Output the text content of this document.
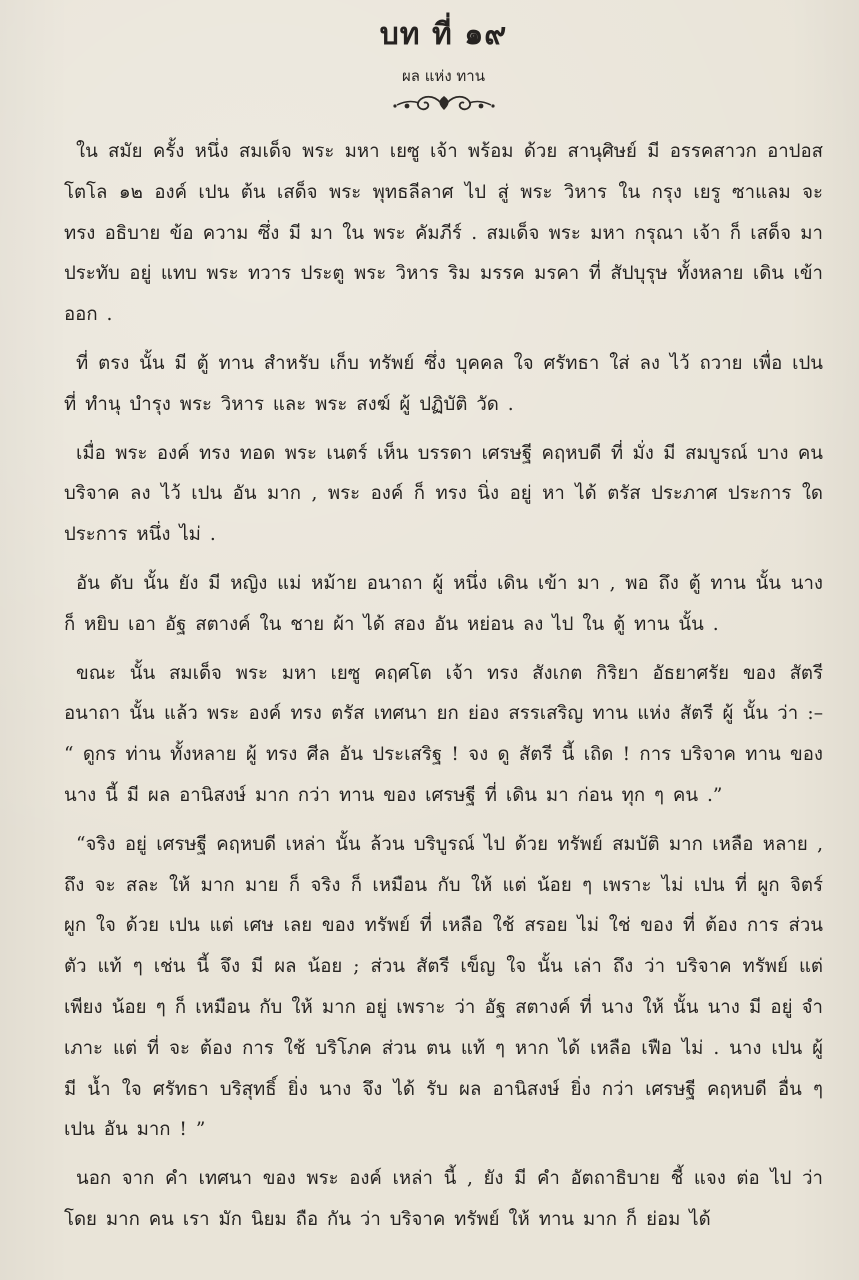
บท ที่ ๑๙
ผล แห่ง ทาน

ใน สมัย ครั้ง หนึ่ง สมเด็จ พระ มหา เยซู เจ้า พร้อม ด้วย สานุศิษย์ มี อรรคสาวก อาปอสโตโล ๑๒ องค์ เปน ต้น เสด็จ พระ พุทธลีลาศ ไป สู่ พระ วิหาร ใน กรุง เยรู ซาแลม จะ ทรง อธิบาย ข้อ ความ ซึ่ง มี มา ใน พระ คัมภีร์ . สมเด็จ พระ มหา กรุณา เจ้า ก็ เสด็จ มา ประทับ อยู่ แทบ พระ ทวาร ประตู พระ วิหาร ริม มรรค มรคา ที่ สัปบุรุษ ทั้งหลาย เดิน เข้า ออก .

ที่ ตรง นั้น มี ตู้ ทาน สำหรับ เก็บ ทรัพย์ ซึ่ง บุคคล ใจ ศรัทธา ใส่ ลง ไว้ ถวาย เพื่อ เปน ที่ ทำนุ บำรุง พระ วิหาร และ พระ สงฆ์ ผู้ ปฏิบัติ วัด .

เมื่อ พระ องค์ ทรง ทอด พระ เนตร์ เห็น บรรดา เศรษฐี คฤหบดี ที่ มั่ง มี สมบูรณ์ บาง คน บริจาค ลง ไว้ เปน อัน มาก , พระ องค์ ก็ ทรง นิ่ง อยู่ หา ได้ ตรัส ประภาศ ประการ ใด ประการ หนึ่ง ไม่ .

อัน ดับ นั้น ยัง มี หญิง แม่ หม้าย อนาถา ผู้ หนึ่ง เดิน เข้า มา , พอ ถึง ตู้ ทาน นั้น นาง ก็ หยิบ เอา อัฐ สตางค์ ใน ชาย ผ้า ได้ สอง อัน หย่อน ลง ไป ใน ตู้ ทาน นั้น .

ขณะ นั้น สมเด็จ พระ มหา เยซู คฤศโต เจ้า ทรง สังเกต กิริยา อัธยาศรัย ของ สัตรี อนาถา นั้น แล้ว พระ องค์ ทรง ตรัส เทศนา ยก ย่อง สรรเสริญ ทาน แห่ง สัตรี ผู้ นั้น ว่า :– “ ดูกร ท่าน ทั้งหลาย ผู้ ทรง ศีล อัน ประเสริฐ ! จง ดู สัตรี นี้ เถิด ! การ บริจาค ทาน ของ นาง นี้ มี ผล อานิสงษ์ มาก กว่า ทาน ของ เศรษฐี ที่ เดิน มา ก่อน ทุก ๆ คน .”

“จริง อยู่ เศรษฐี คฤหบดี เหล่า นั้น ล้วน บริบูรณ์ ไป ด้วย ทรัพย์ สมบัติ มาก เหลือ หลาย , ถึง จะ สละ ให้ มาก มาย ก็ จริง ก็ เหมือน กับ ให้ แต่ น้อย ๆ เพราะ ไม่ เปน ที่ ผูก จิตร์ ผูก ใจ ด้วย เปน แต่ เศษ เลย ของ ทรัพย์ ที่ เหลือ ใช้ สรอย ไม่ ใช่ ของ ที่ ต้อง การ ส่วน ตัว แท้ ๆ เช่น นี้ จึง มี ผล น้อย ; ส่วน สัตรี เข็ญ ใจ นั้น เล่า ถึง ว่า บริจาค ทรัพย์ แต่ เพียง น้อย ๆ ก็ เหมือน กับ ให้ มาก อยู่ เพราะ ว่า อัฐ สตางค์ ที่ นาง ให้ นั้น นาง มี อยู่ จำเภาะ แต่ ที่ จะ ต้อง การ ใช้ บริโภค ส่วน ตน แท้ ๆ หาก ได้ เหลือ เฟือ ไม่ . นาง เปน ผู้ มี น้ำ ใจ ศรัทธา บริสุทธิ์ ยิ่ง นาง จึง ได้ รับ ผล อานิสงษ์ ยิ่ง กว่า เศรษฐี คฤหบดี อื่น ๆ เปน อัน มาก ! ”

นอก จาก คำ เทศนา ของ พระ องค์ เหล่า นี้ , ยัง มี คำ อัตถาธิบาย ชี้ แจง ต่อ ไป ว่า โดย มาก คน เรา มัก นิยม ถือ กัน ว่า บริจาค ทรัพย์ ให้ ทาน มาก ก็ ย่อม ได้
